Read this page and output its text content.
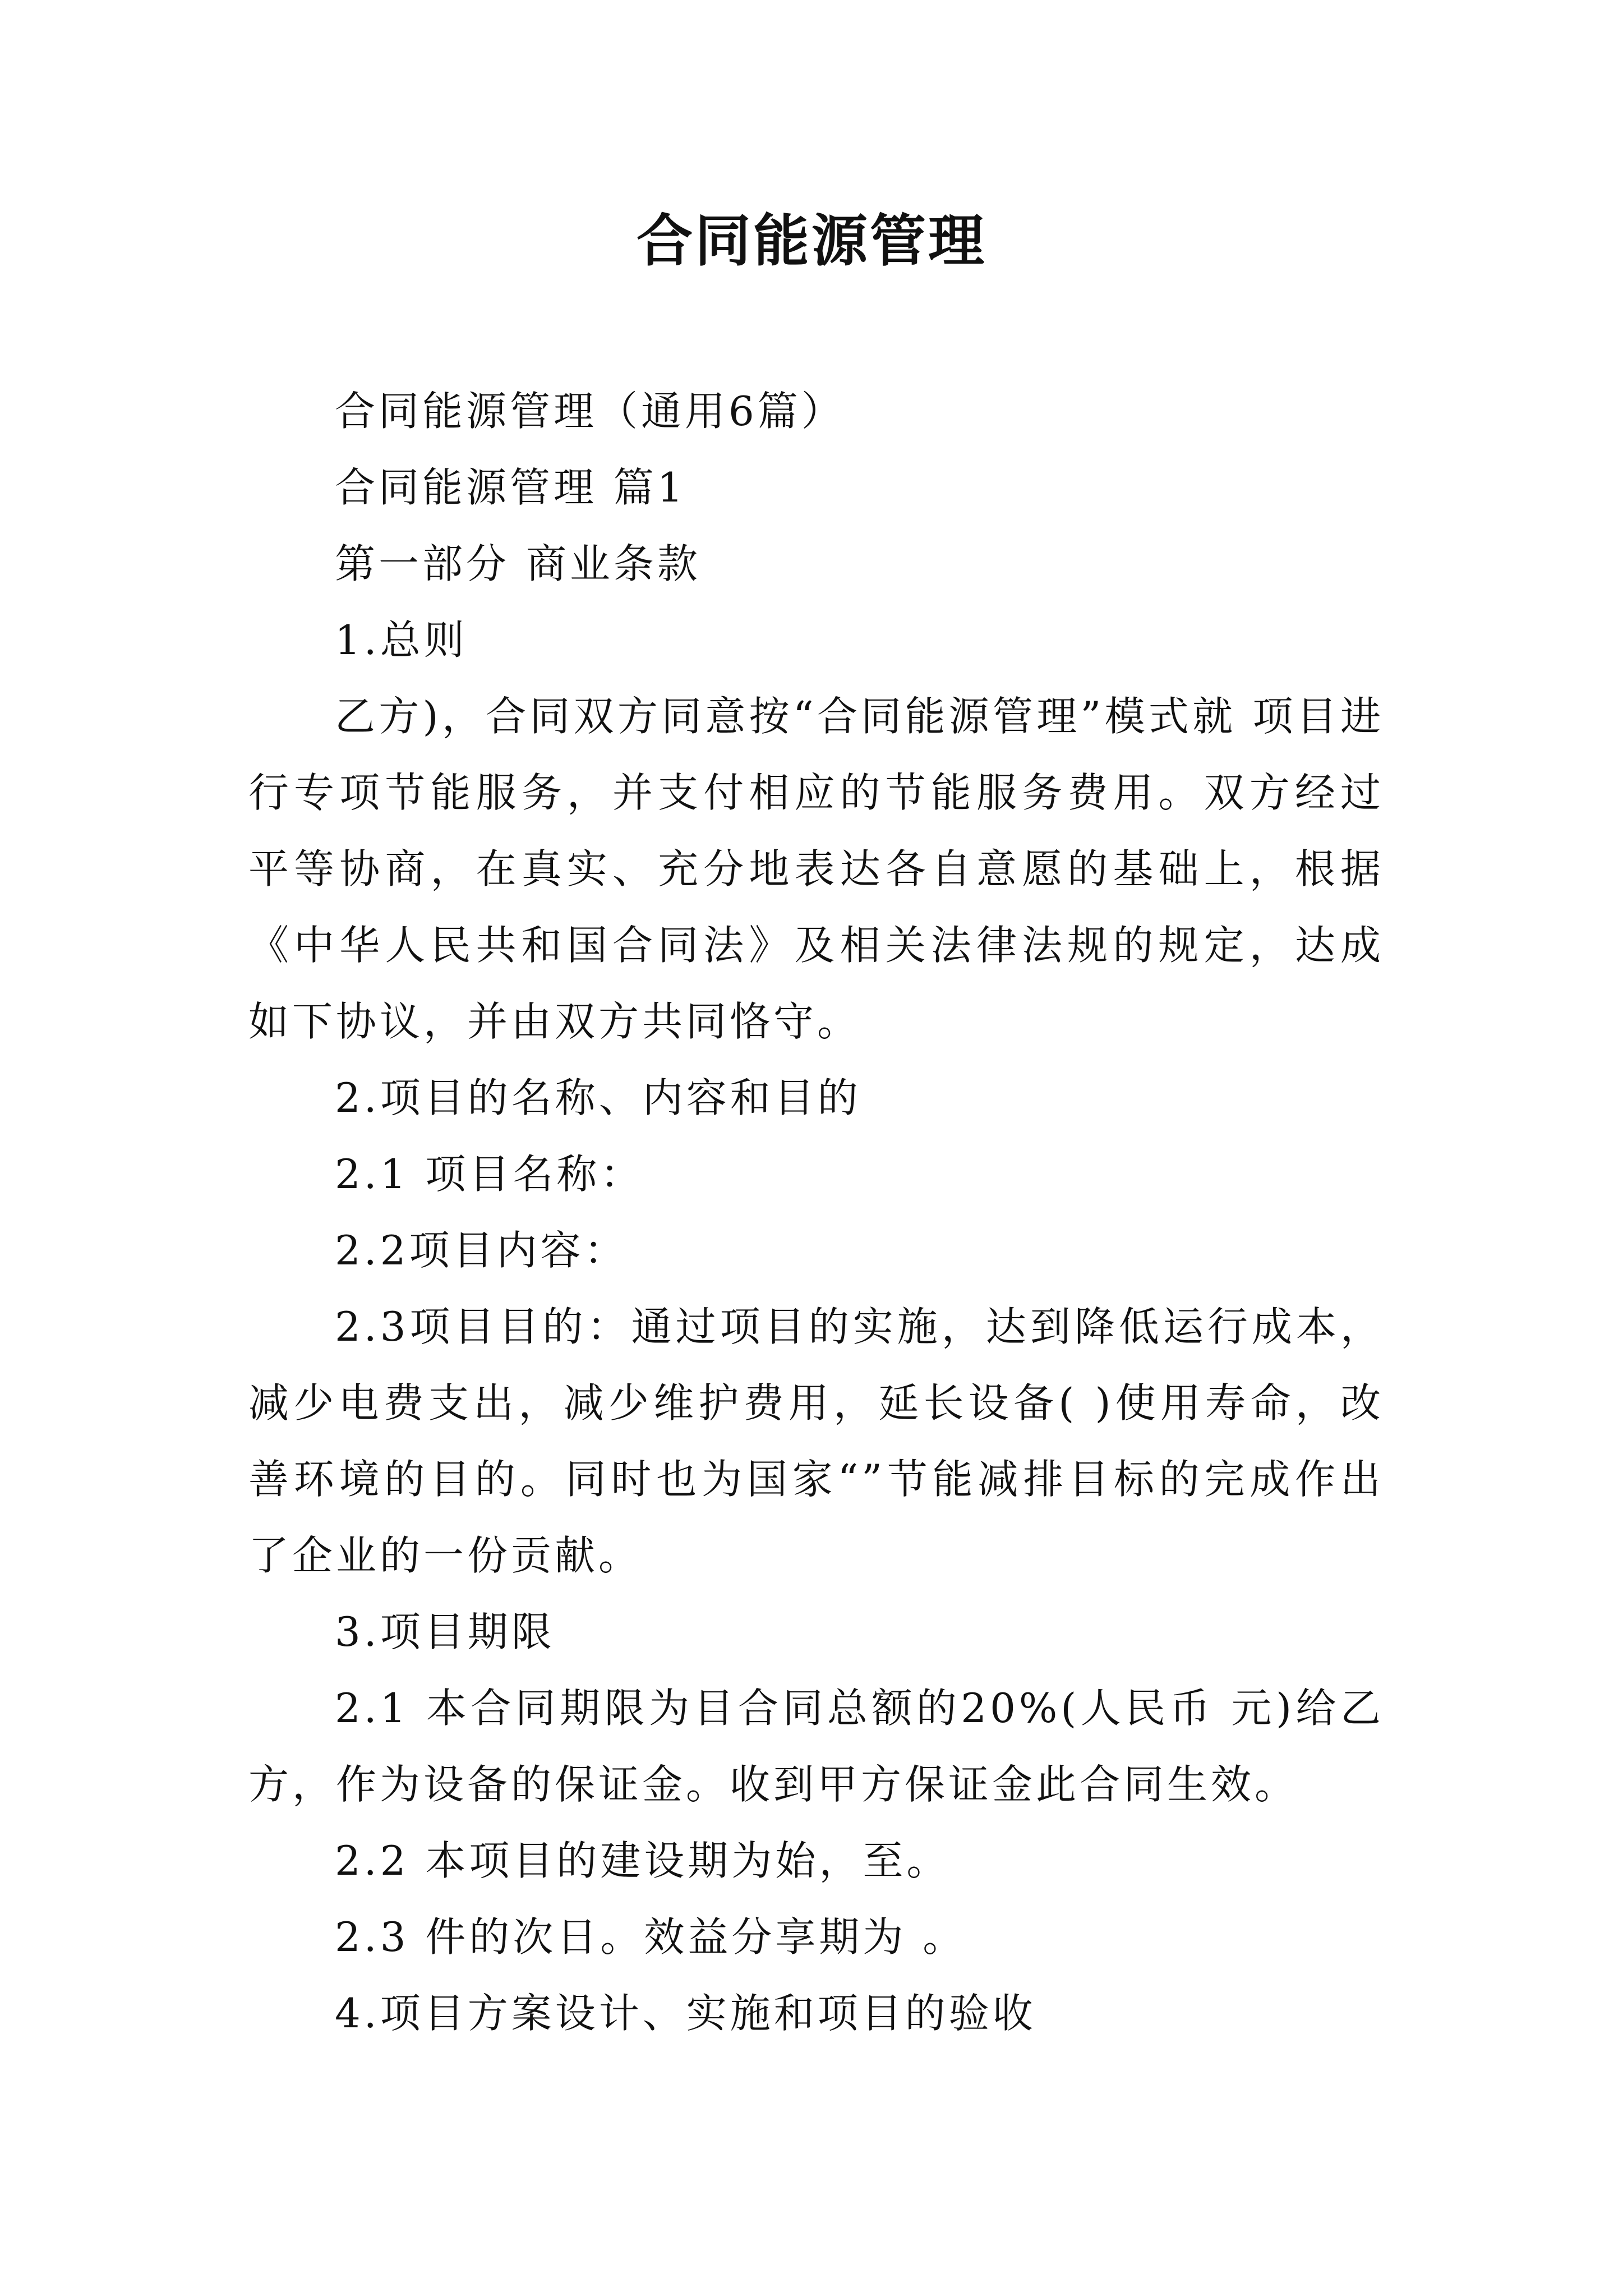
合同能源管理

合同能源管理（通用6篇）

合同能源管理 篇1

第一部分 商业条款

1.总则

乙方)，合同双方同意按“合同能源管理”模式就 项目进行专项节能服务，并支付相应的节能服务费用。双方经过平等协商，在真实、充分地表达各自意愿的基础上，根据《中华人民共和国合同法》及相关法律法规的规定，达成如下协议，并由双方共同恪守。

2.项目的名称、内容和目的

2.1 项目名称：

2.2项目内容：

2.3项目目的：通过项目的实施，达到降低运行成本，减少电费支出，减少维护费用，延长设备( )使用寿命，改善环境的目的。同时也为国家“”节能减排目标的完成作出了企业的一份贡献。

3.项目期限

2.1 本合同期限为目合同总额的20%(人民币 元)给乙方，作为设备的保证金。收到甲方保证金此合同生效。

2.2 本项目的建设期为始，至。

2.3 件的次日。效益分享期为 。

4.项目方案设计、实施和项目的验收
